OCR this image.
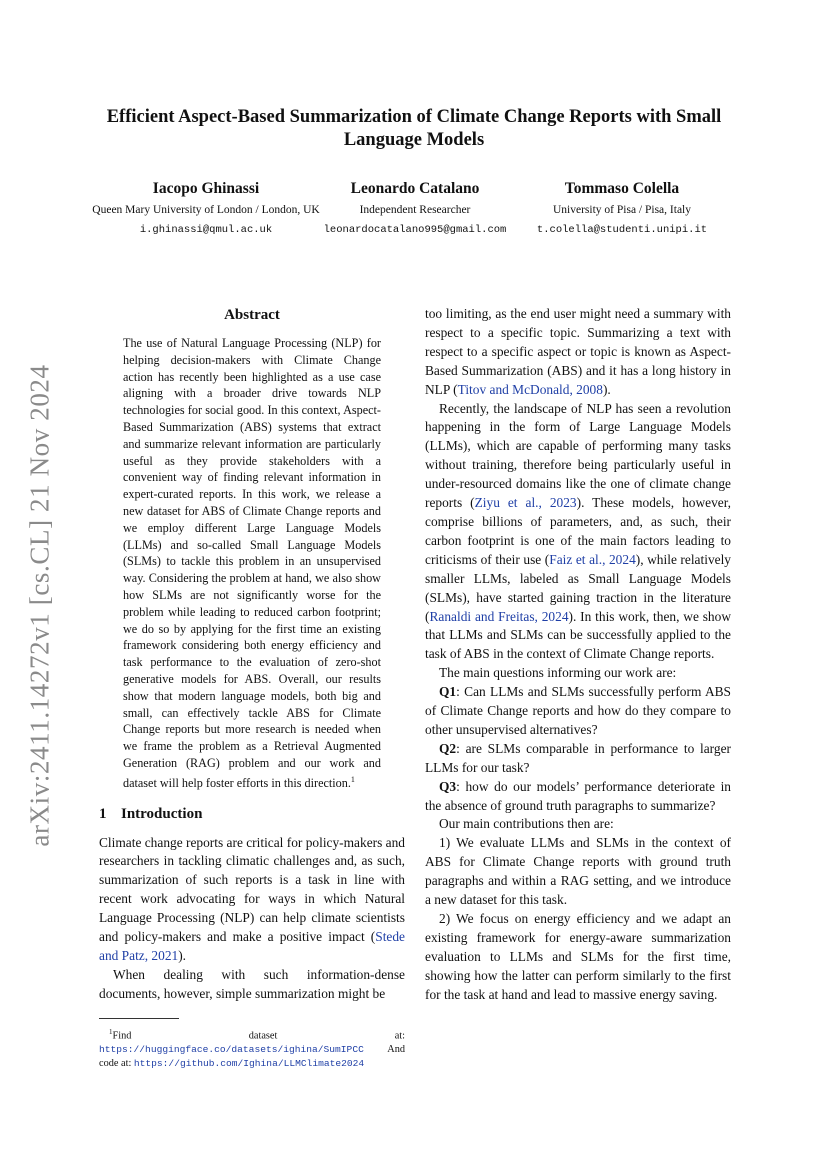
arXiv:2411.14272v1 [cs.CL] 21 Nov 2024
Efficient Aspect-Based Summarization of Climate Change Reports with Small Language Models
Iacopo Ghinassi
Queen Mary University of London / London, UK
i.ghinassi@qmul.ac.uk
Leonardo Catalano
Independent Researcher
leonardocatalano995@gmail.com
Tommaso Colella
University of Pisa / Pisa, Italy
t.colella@studenti.unipi.it
Abstract
The use of Natural Language Processing (NLP) for helping decision-makers with Climate Change action has recently been highlighted as a use case aligning with a broader drive towards NLP technologies for social good. In this context, Aspect-Based Summarization (ABS) systems that extract and summarize relevant information are particularly useful as they provide stakeholders with a convenient way of finding relevant information in expert-curated reports. In this work, we release a new dataset for ABS of Climate Change reports and we employ different Large Language Models (LLMs) and so-called Small Language Models (SLMs) to tackle this problem in an unsupervised way. Considering the problem at hand, we also show how SLMs are not significantly worse for the problem while leading to reduced carbon footprint; we do so by applying for the first time an existing framework considering both energy efficiency and task performance to the evaluation of zero-shot generative models for ABS. Overall, our results show that modern language models, both big and small, can effectively tackle ABS for Climate Change reports but more research is needed when we frame the problem as a Retrieval Augmented Generation (RAG) problem and our work and dataset will help foster efforts in this direction.$^1$
1 Introduction

Climate change reports are critical for policy-makers and researchers in tackling climatic challenges and, as such, summarization of such reports is a task in line with recent work advocating for ways in which Natural Language Processing (NLP) can help climate scientists and policy-makers and make a positive impact (Stede and Patz, 2021).

When dealing with such information-dense documents, however, simple summarization might be

$^1$Find dataset at: https://huggingface.co/datasets/ighina/SumIPCC And code at: https://github.com/Ighina/LLMClimate2024

too limiting, as the end user might need a summary with respect to a specific topic. Summarizing a text with respect to a specific aspect or topic is known as Aspect-Based Summarization (ABS) and it has a long history in NLP (Titov and McDonald, 2008).

Recently, the landscape of NLP has seen a revolution happening in the form of Large Language Models (LLMs), which are capable of performing many tasks without training, therefore being particularly useful in under-resourced domains like the one of climate change reports (Ziyu et al., 2023). These models, however, comprise billions of parameters, and, as such, their carbon footprint is one of the main factors leading to criticisms of their use (Faiz et al., 2024), while relatively smaller LLMs, labeled as Small Language Models (SLMs), have started gaining traction in the literature (Ranaldi and Freitas, 2024). In this work, then, we show that LLMs and SLMs can be successfully applied to the task of ABS in the context of Climate Change reports.

The main questions informing our work are:

Q1: Can LLMs and SLMs successfully perform ABS of Climate Change reports and how do they compare to other unsupervised alternatives?

Q2: are SLMs comparable in performance to larger LLMs for our task?

Q3: how do our models’ performance deteriorate in the absence of ground truth paragraphs to summarize?

Our main contributions then are:

1) We evaluate LLMs and SLMs in the context of ABS for Climate Change reports with ground truth paragraphs and within a RAG setting, and we introduce a new dataset for this task.

2) We focus on energy efficiency and we adapt an existing framework for energy-aware summarization evaluation to LLMs and SLMs for the first time, showing how the latter can perform similarly to the first for the task at hand and lead to massive energy saving.
